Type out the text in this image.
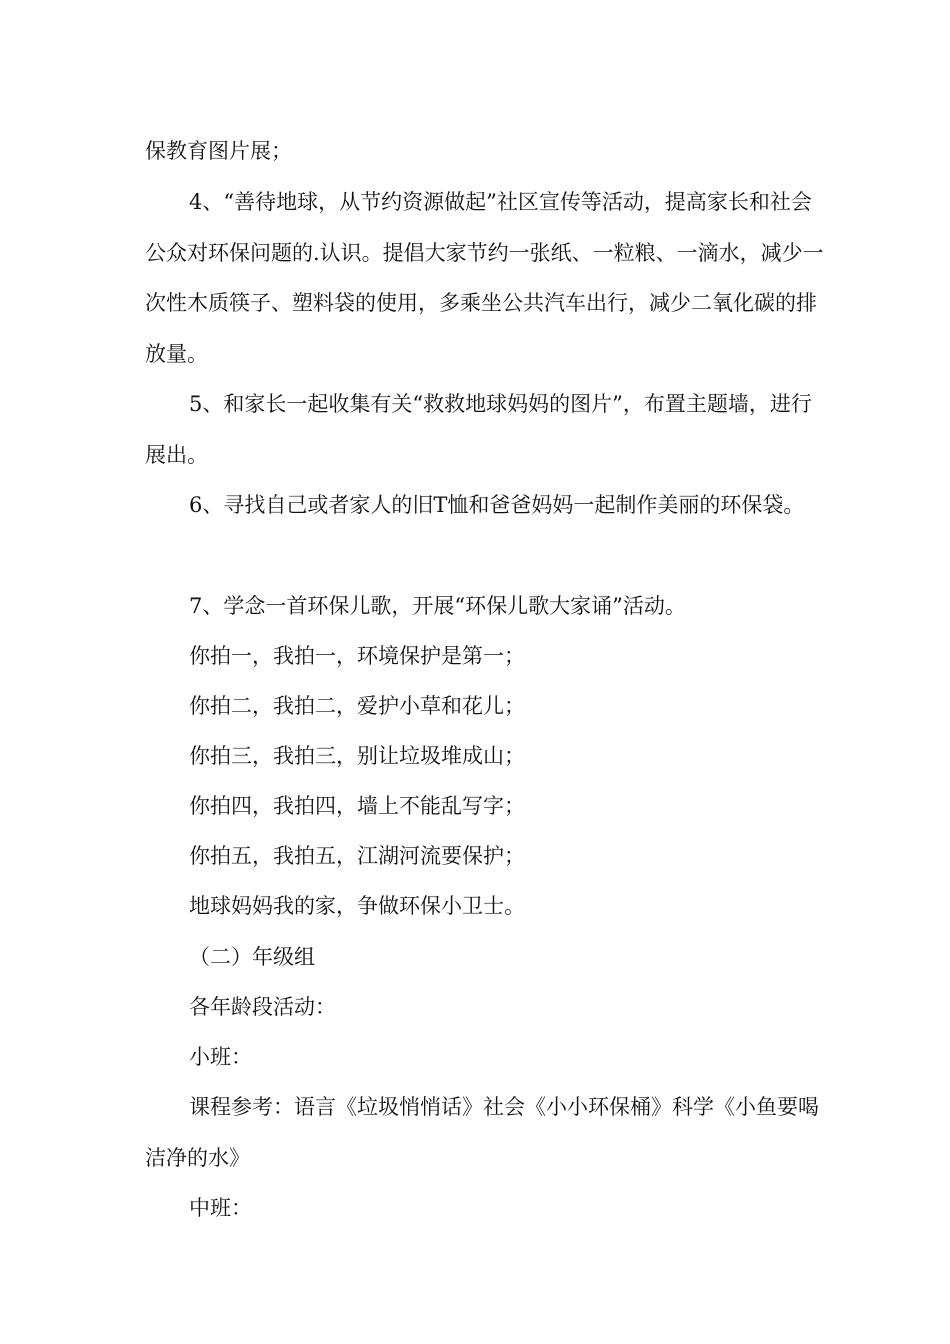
保教育图片展；

4、“善待地球，从节约资源做起”社区宣传等活动，提高家长和社会公众对环保问题的.认识。提倡大家节约一张纸、一粒粮、一滴水，减少一次性木质筷子、塑料袋的使用，多乘坐公共汽车出行，减少二氧化碳的排放量。

5、和家长一起收集有关“救救地球妈妈的图片”，布置主题墙，进行展出。

6、寻找自己或者家人的旧T恤和爸爸妈妈一起制作美丽的环保袋。

7、学念一首环保儿歌，开展“环保儿歌大家诵”活动。

你拍一，我拍一，环境保护是第一；

你拍二，我拍二，爱护小草和花儿；

你拍三，我拍三，别让垃圾堆成山；

你拍四，我拍四，墙上不能乱写字；

你拍五，我拍五，江湖河流要保护；

地球妈妈我的家，争做环保小卫士。

（二）年级组

各年龄段活动：

小班：

课程参考：语言《垃圾悄悄话》社会《小小环保桶》科学《小鱼要喝洁净的水》

中班：
